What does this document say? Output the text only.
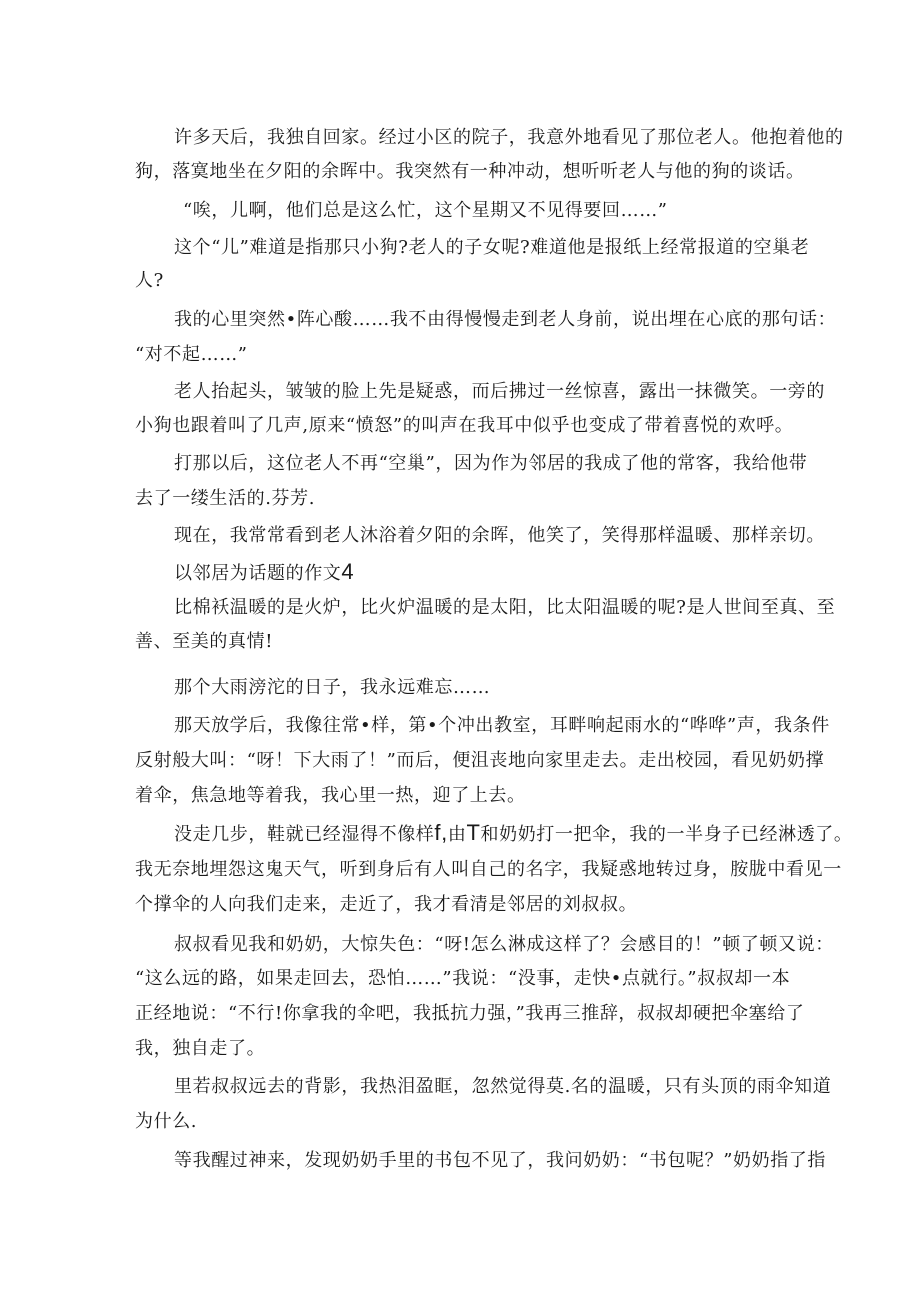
许多天后，我独自回家。经过小区的院子，我意外地看见了那位老人。他抱着他的
狗，落寞地坐在夕阳的余晖中。我突然有一种冲动，想听听老人与他的狗的谈话。
“唉，儿啊，他们总是这么忙，这个星期又不见得要回……”
这个“儿”难道是指那只小狗?老人的子女呢?难道他是报纸上经常报道的空巢老
人?
我的心里突然•阵心酸……我不由得慢慢走到老人身前，说出埋在心底的那句话：
“对不起……”
老人抬起头，皱皱的脸上先是疑惑，而后拂过一丝惊喜，露出一抹微笑。一旁的
小狗也跟着叫了几声,原来“愤怒”的叫声在我耳中似乎也变成了带着喜悦的欢呼。
打那以后，这位老人不再“空巢”，因为作为邻居的我成了他的常客，我给他带
去了一缕生活的.芬芳.
现在，我常常看到老人沐浴着夕阳的余晖，他笑了，笑得那样温暖、那样亲切。
以邻居为话题的作文4
比棉袄温暖的是火炉，比火炉温暖的是太阳，比太阳温暖的呢?是人世间至真、至
善、至美的真情!
那个大雨滂沱的日子，我永远难忘……
那天放学后，我像往常•样，第•个冲出教室，耳畔响起雨水的“哗哗”声，我条件
反射般大叫：“呀！下大雨了！”而后，便沮丧地向家里走去。走出校园，看见奶奶撑
着伞，焦急地等着我，我心里一热，迎了上去。
没走几步，鞋就已经湿得不像样f,由T和奶奶打一把伞，我的一半身子已经淋透了。
我无奈地埋怨这鬼天气，听到身后有人叫自己的名字，我疑惑地转过身，胺胧中看见一
个撑伞的人向我们走来，走近了，我才看清是邻居的刘叔叔。
叔叔看见我和奶奶，大惊失色：“呀!怎么淋成这样了？会感目的！”顿了顿又说：
“这么远的路，如果走回去，恐怕……”我说：“没事，走快•点就行。”叔叔却一本
正经地说：“不行!你拿我的伞吧，我抵抗力强，”我再三推辞，叔叔却硬把伞塞给了
我，独自走了。
里若叔叔远去的背影，我热泪盈眶，忽然觉得莫.名的温暖，只有头顶的雨伞知道
为什么.
等我醒过神来，发现奶奶手里的书包不见了，我问奶奶：“书包呢？”奶奶指了指
